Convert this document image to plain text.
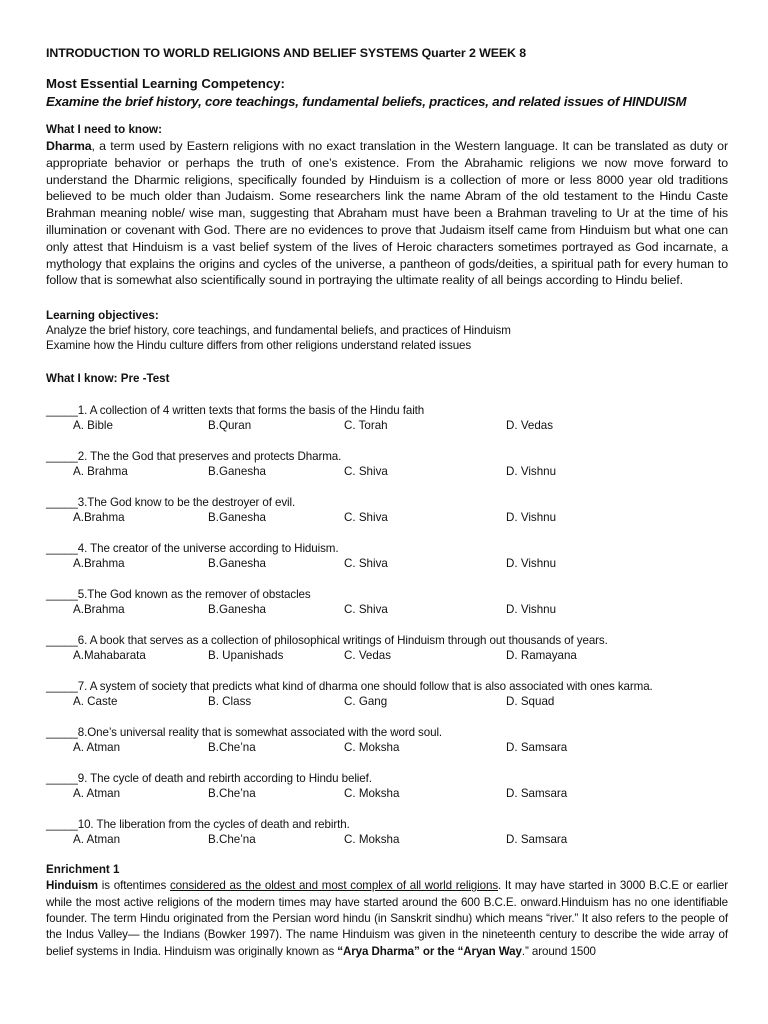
INTRODUCTION TO WORLD RELIGIONS AND BELIEF SYSTEMS Quarter 2 WEEK 8
Most Essential Learning Competency:
Examine the brief history, core teachings, fundamental beliefs, practices, and related issues of HINDUISM
What I need to know:

Dharma, a term used by Eastern religions with no exact translation in the Western language. It can be translated as duty or appropriate behavior or perhaps the truth of one’s existence. From the Abrahamic religions we now move forward to understand the Dharmic religions, specifically founded by Hinduism is a collection of more or less 8000 year old traditions believed to be much older than Judaism. Some researchers link the name Abram of the old testament to the Hindu Caste Brahman meaning noble/ wise man, suggesting that Abraham must have been a Brahman traveling to Ur at the time of his illumination or covenant with God. There are no evidences to prove that Judaism itself came from Hinduism but what one can only attest that Hinduism is a vast belief system of the lives of Heroic characters sometimes portrayed as God incarnate, a mythology that explains the origins and cycles of the universe, a pantheon of gods/deities, a spiritual path for every human to follow that is somewhat also scientifically sound in portraying the ultimate reality of all beings according to Hindu belief.

Learning objectives:

Analyze the brief history, core teachings, and fundamental beliefs, and practices of Hinduism

Examine how the Hindu culture differs from other religions understand related issues

What I know: Pre -Test

_____1. A collection of 4 written texts that forms the basis of the Hindu faith

A. Bible	B.Quran	C. Torah	D. Vedas

_____2. The the God that preserves and protects Dharma.

A. Brahma	B.Ganesha	C. Shiva	D. Vishnu

_____3.The God know to be the destroyer of evil.

A.Brahma	B.Ganesha	C. Shiva	D. Vishnu

_____4. The creator of the universe according to Hiduism.

A.Brahma	B.Ganesha	C. Shiva	D. Vishnu

_____5.The God known as the remover of obstacles

A.Brahma	B.Ganesha	C. Shiva	D. Vishnu

_____6. A book that serves as a collection of philosophical writings of Hinduism through out thousands of years.

A.Mahabarata	B. Upanishads	C. Vedas	D. Ramayana

_____7. A system of society that predicts what kind of dharma one should follow that is also associated with ones karma.

A. Caste	B. Class	C. Gang	D. Squad

_____8.One’s universal reality that is somewhat associated with the word soul.

A. Atman	B.Che’na	C. Moksha	D. Samsara

_____9. The cycle of death and rebirth according to Hindu belief.

A. Atman	B.Che’na	C. Moksha	D. Samsara

_____10. The liberation from the cycles of death and rebirth.

A. Atman	B.Che’na	C. Moksha	D. Samsara
Enrichment 1

Hinduism is oftentimes considered as the oldest and most complex of all world religions. It may have started in 3000 B.C.E or earlier while the most active religions of the modern times may have started around the 600 B.C.E. onward.Hinduism has no one identifiable founder. The term Hindu originated from the Persian word hindu (in Sanskrit sindhu) which means “river.” It also refers to the people of the Indus Valley— the Indians (Bowker 1997). The name Hinduism was given in the nineteenth century to describe the wide array of belief systems in India. Hinduism was originally known as “Arya Dharma” or the “Aryan Way.” around 1500
